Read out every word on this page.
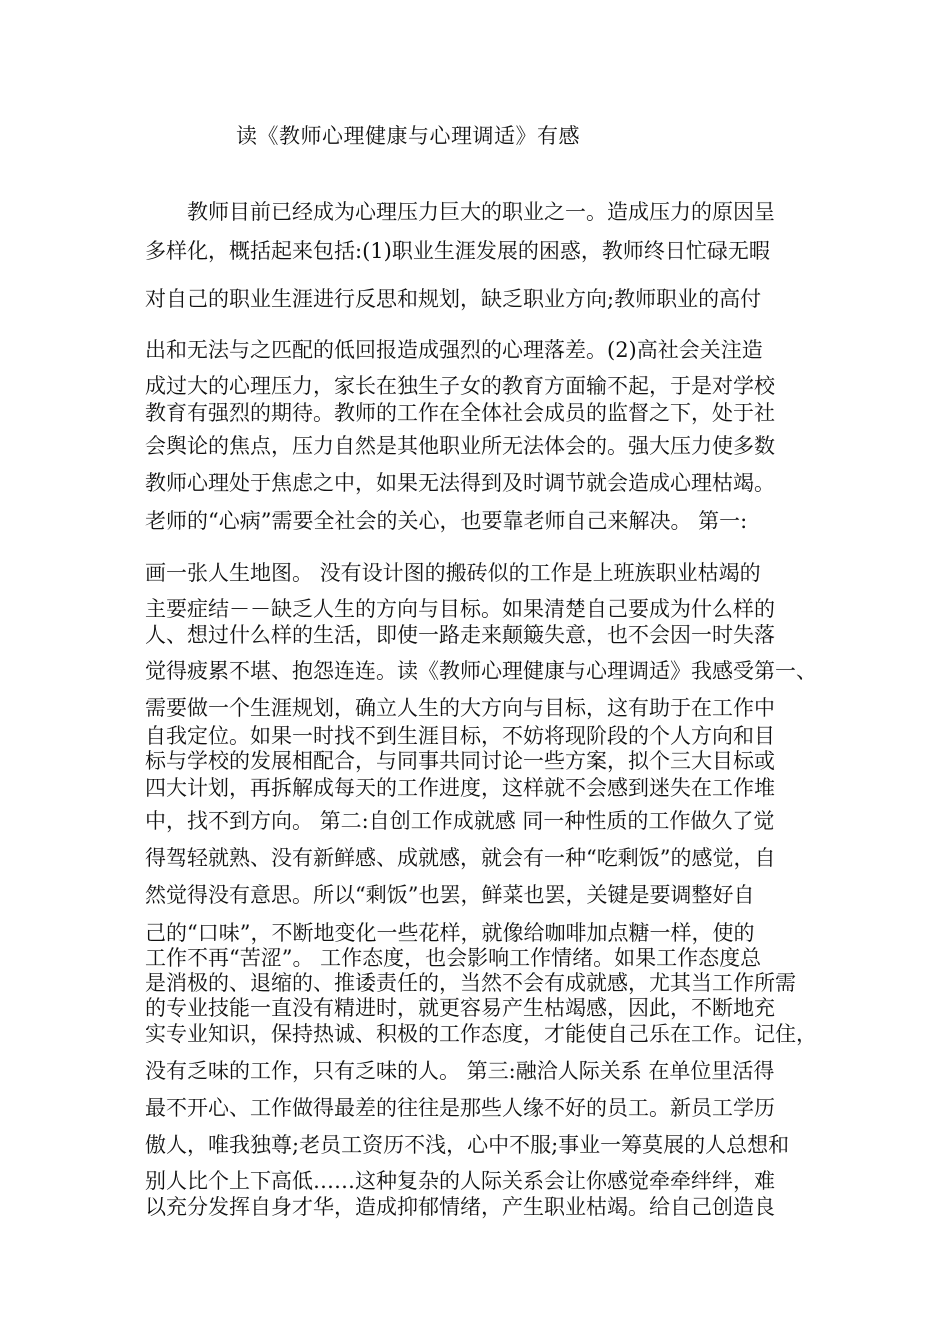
读《教师心理健康与心理调适》有感
　　教师目前已经成为心理压力巨大的职业之一。造成压力的原因呈
多样化，概括起来包括:(1)职业生涯发展的困惑，教师终日忙碌无暇
对自己的职业生涯进行反思和规划，缺乏职业方向;教师职业的高付
出和无法与之匹配的低回报造成强烈的心理落差。(2)高社会关注造
成过大的心理压力，家长在独生子女的教育方面输不起，于是对学校
教育有强烈的期待。教师的工作在全体社会成员的监督之下，处于社
会舆论的焦点，压力自然是其他职业所无法体会的。强大压力使多数
教师心理处于焦虑之中，如果无法得到及时调节就会造成心理枯竭。
老师的“心病”需要全社会的关心，也要靠老师自己来解决。 第一:
画一张人生地图。 没有设计图的搬砖似的工作是上班族职业枯竭的
主要症结－－缺乏人生的方向与目标。如果清楚自己要成为什么样的
人、想过什么样的生活，即使一路走来颠簸失意，也不会因一时失落
觉得疲累不堪、抱怨连连。读《教师心理健康与心理调适》我感受第一、
需要做一个生涯规划，确立人生的大方向与目标，这有助于在工作中
自我定位。如果一时找不到生涯目标，不妨将现阶段的个人方向和目
标与学校的发展相配合，与同事共同讨论一些方案，拟个三大目标或
四大计划，再拆解成每天的工作进度，这样就不会感到迷失在工作堆
中，找不到方向。 第二:自创工作成就感 同一种性质的工作做久了觉
得驾轻就熟、没有新鲜感、成就感，就会有一种“吃剩饭”的感觉，自
然觉得没有意思。所以“剩饭”也罢，鲜菜也罢，关键是要调整好自
己的“口味”，不断地变化一些花样，就像给咖啡加点糖一样，使的
工作不再“苦涩”。 工作态度，也会影响工作情绪。如果工作态度总
是消极的、退缩的、推诿责任的，当然不会有成就感，尤其当工作所需
的专业技能一直没有精进时，就更容易产生枯竭感，因此，不断地充
实专业知识，保持热诚、积极的工作态度，才能使自己乐在工作。记住，
没有乏味的工作，只有乏味的人。 第三:融洽人际关系 在单位里活得
最不开心、工作做得最差的往往是那些人缘不好的员工。新员工学历
傲人，唯我独尊;老员工资历不浅，心中不服;事业一筹莫展的人总想和
别人比个上下高低……这种复杂的人际关系会让你感觉牵牵绊绊，难
以充分发挥自身才华，造成抑郁情绪，产生职业枯竭。给自己创造良
